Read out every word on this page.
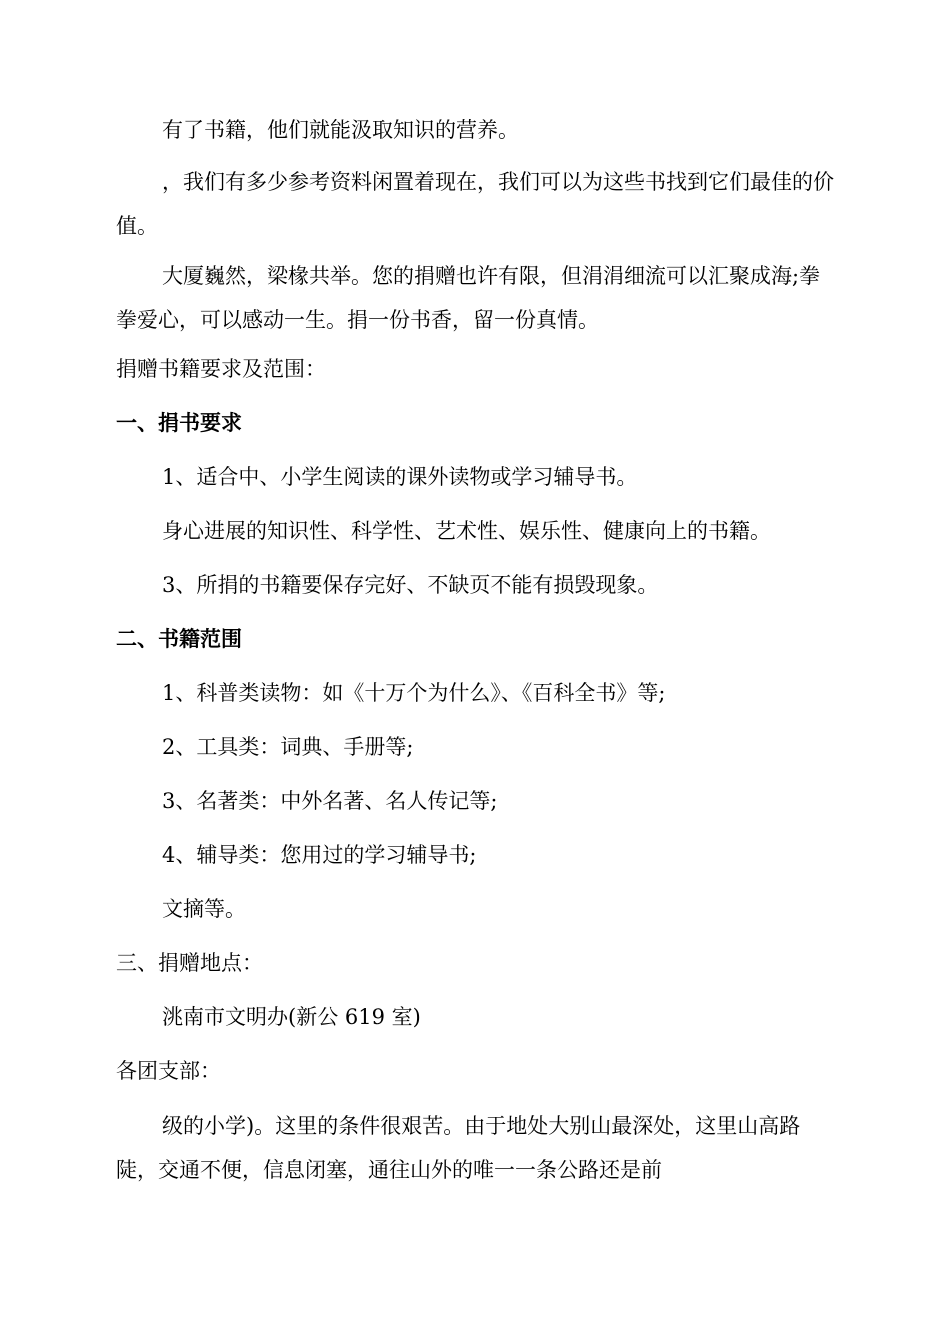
有了书籍，他们就能汲取知识的营养。
，我们有多少参考资料闲置着现在，我们可以为这些书找到它们最佳的价值。
大厦巍然，梁椽共举。您的捐赠也许有限，但涓涓细流可以汇聚成海;拳拳爱心，可以感动一生。捐一份书香，留一份真情。
捐赠书籍要求及范围：
一、捐书要求
1、适合中、小学生阅读的课外读物或学习辅导书。
身心进展的知识性、科学性、艺术性、娱乐性、健康向上的书籍。
3、所捐的书籍要保存完好、不缺页不能有损毁现象。
二、书籍范围
1、科普类读物：如《十万个为什么》、《百科全书》等;
2、工具类：词典、手册等;
3、名著类：中外名著、名人传记等;
4、辅导类：您用过的学习辅导书;
文摘等。
三、捐赠地点：
洮南市文明办(新公 619 室)
各团支部：
级的小学)。这里的条件很艰苦。由于地处大别山最深处，这里山高路陡，交通不便，信息闭塞，通往山外的唯一一条公路还是前
